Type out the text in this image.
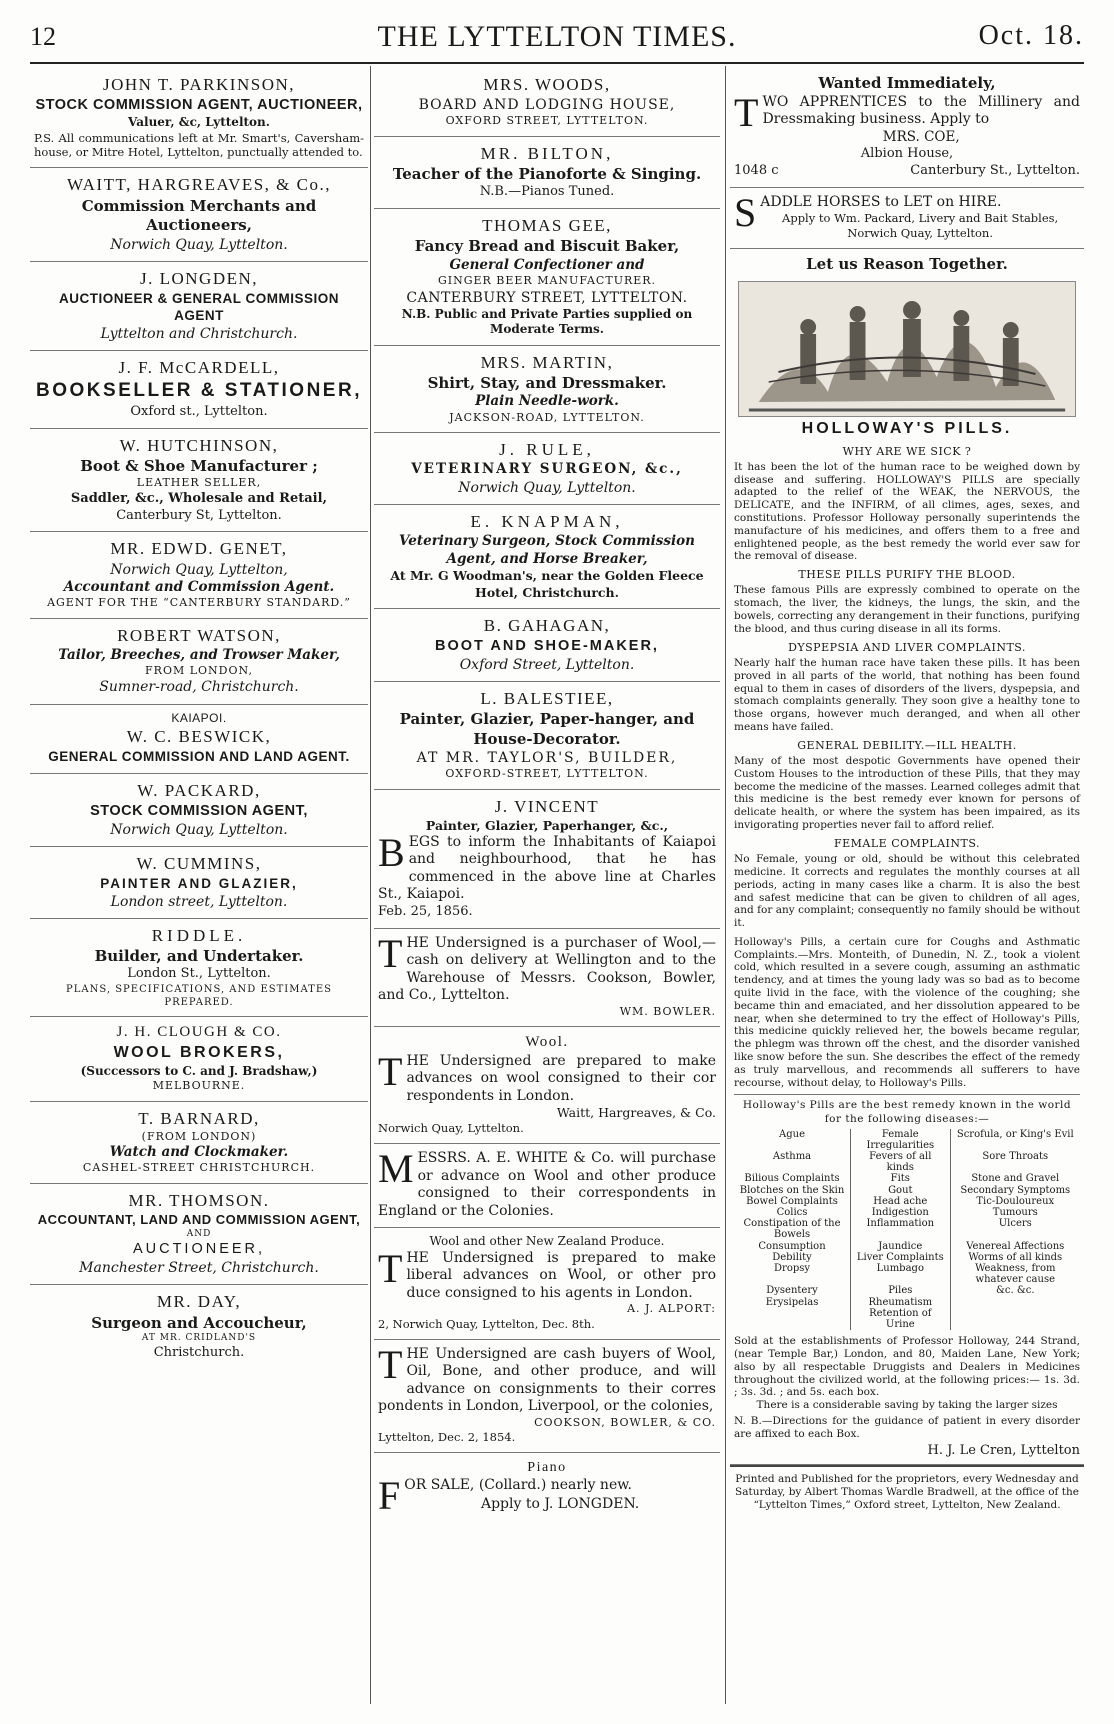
12	THE LYTTELTON TIMES.	Oct. 18.
JOHN T. PARKINSON,
STOCK COMMISSION AGENT, AUCTIONEER,
Valuer, &c, Lyttelton.
P.S. All communications left at Mr. Smart's, Caversham-house, or Mitre Hotel, Lyttelton, punctually attended to.
WAITT, HARGREAVES, & Co.,
Commission Merchants and Auctioneers,
Norwich Quay, Lyttelton.
J. LONGDEN,
AUCTIONEER & GENERAL COMMISSION AGENT
Lyttelton and Christchurch.
J. F. McCARDELL,
BOOKSELLER & STATIONER,
Oxford st., Lyttelton.
W. HUTCHINSON,
Boot & Shoe Manufacturer ;
LEATHER SELLER,
Saddler, &c., Wholesale and Retail,
Canterbury St, Lyttelton.
MR. EDWD. GENET,
Norwich Quay, Lyttelton,
Accountant and Commission Agent.
AGENT FOR THE “CANTERBURY STANDARD.”
ROBERT WATSON,
Tailor, Breeches, and Trowser Maker,
FROM LONDON,
Sumner-road, Christchurch.
KAIAPOI.
W. C. BESWICK,
GENERAL COMMISSION AND LAND AGENT.
W. PACKARD,
STOCK COMMISSION AGENT,
Norwich Quay, Lyttelton.
W. CUMMINS,
PAINTER AND GLAZIER,
London street, Lyttelton.
RIDDLE.
Builder, and Undertaker.
London St., Lyttelton.
PLANS, SPECIFICATIONS, AND ESTIMATES PREPARED.
J. H. CLOUGH & CO.
WOOL BROKERS,
(Successors to C. and J. Bradshaw,)
MELBOURNE.
T. BARNARD,
(FROM LONDON)
Watch and Clockmaker.
CASHEL-STREET CHRISTCHURCH.
MR. THOMSON.
ACCOUNTANT, LAND AND COMMISSION AGENT,
AND
AUCTIONEER,
Manchester Street, Christchurch.
MR. DAY,
Surgeon and Accoucheur,
AT MR. CRIDLAND'S
Christchurch.
MRS. WOODS,
BOARD AND LODGING HOUSE,
OXFORD STREET, LYTTELTON.
MR. BILTON,
Teacher of the Pianoforte & Singing.
N.B.—Pianos Tuned.
THOMAS GEE,
Fancy Bread and Biscuit Baker,
General Confectioner and
GINGER BEER MANUFACTURER.
CANTERBURY STREET, LYTTELTON.
N.B. Public and Private Parties supplied on Moderate Terms.
MRS. MARTIN,
Shirt, Stay, and Dressmaker.
Plain Needle-work.
JACKSON-ROAD, LYTTELTON.
J. RULE,
VETERINARY SURGEON, &c.,
Norwich Quay, Lyttelton.
E. KNAPMAN,
Veterinary Surgeon, Stock Commission Agent, and Horse Breaker,
At Mr. G Woodman's, near the Golden Fleece Hotel, Christchurch.
B. GAHAGAN,
BOOT AND SHOE-MAKER,
Oxford Street, Lyttelton.
L. BALESTIEE,
Painter, Glazier, Paper-hanger, and House-Decorator.
AT MR. TAYLOR'S, BUILDER,
OXFORD-STREET, LYTTELTON.
J. VINCENT
Painter, Glazier, Paperhanger, &c.,
BEGS to inform the Inhabitants of Kaiapoi and neighbourhood, that he has commenced in the above line at Charles St., Kaiapoi.
Feb. 25, 1856.
THE Undersigned is a purchaser of Wool,—cash on delivery at Wellington and to the Warehouse of Messrs. Cookson, Bowler, and Co., Lyttelton.
WM. BOWLER.
Wool.
THE Undersigned are prepared to make advances on wool consigned to their cor respondents in London.
Waitt, Hargreaves, & Co.
Norwich Quay, Lyttelton.
MESSRS. A. E. WHITE & Co. will purchase or advance on Wool and other produce consigned to their correspondents in England or the Colonies.
Wool and other New Zealand Produce.
THE Undersigned is prepared to make liberal advances on Wool, or other pro duce consigned to his agents in London.
A. J. ALPORT:
2, Norwich Quay, Lyttelton, Dec. 8th.
THE Undersigned are cash buyers of Wool, Oil, Bone, and other produce, and will advance on consignments to their corres pondents in London, Liverpool, or the colonies,
COOKSON, BOWLER, & CO.
Lyttelton, Dec. 2, 1854.
Piano
FOR SALE, (Collard.) nearly new.
Apply to J. LONGDEN.
Wanted Immediately,
TWO APPRENTICES to the Millinery and Dressmaking business. Apply to
MRS. COE,
Albion House,
1048 c	Canterbury St., Lyttelton.
SADDLE HORSES to LET on HIRE.
Apply to Wm. Packard, Livery and Bait Stables, Norwich Quay, Lyttelton.
Let us Reason Together.
HOLLOWAY'S PILLS.
WHY ARE WE SICK ?
It has been the lot of the human race to be weighed down by disease and suffering. HOLLOWAY'S PILLS are specially adapted to the relief of the WEAK, the NERVOUS, the DELICATE, and the INFIRM, of all climes, ages, sexes, and constitutions. Professor Holloway personally superintends the manufacture of his medicines, and offers them to a free and enlightened people, as the best remedy the world ever saw for the removal of disease.
THESE PILLS PURIFY THE BLOOD.
These famous Pills are expressly combined to operate on the stomach, the liver, the kidneys, the lungs, the skin, and the bowels, correcting any derangement in their functions, purifying the blood, and thus curing disease in all its forms.
DYSPEPSIA AND LIVER COMPLAINTS.
Nearly half the human race have taken these pills. It has been proved in all parts of the world, that nothing has been found equal to them in cases of disorders of the livers, dyspepsia, and stomach complaints generally. They soon give a healthy tone to those organs, however much deranged, and when all other means have failed.
GENERAL DEBILITY.—ILL HEALTH.
Many of the most despotic Governments have opened their Custom Houses to the introduction of these Pills, that they may become the medicine of the masses. Learned colleges admit that this medicine is the best remedy ever known for persons of delicate health, or where the system has been impaired, as its invigorating properties never fail to afford relief.
FEMALE COMPLAINTS.
No Female, young or old, should be without this celebrated medicine. It corrects and regulates the monthly courses at all periods, acting in many cases like a charm. It is also the best and safest medicine that can be given to children of all ages, and for any complaint; consequently no family should be without it.
Holloway's Pills, a certain cure for Coughs and Asthmatic Complaints.—Mrs. Monteith, of Dunedin, N. Z., took a violent cold, which resulted in a severe cough, assuming an asthmatic tendency, and at times the young lady was so bad as to become quite livid in the face, with the violence of the coughing; she became thin and emaciated, and her dissolution appeared to be near, when she determined to try the effect of Holloway's Pills, this medicine quickly relieved her, the bowels became regular, the phlegm was thrown off the chest, and the disorder vanished like snow before the sun. She describes the effect of the remedy as truly marvellous, and recommends all sufferers to have recourse, without delay, to Holloway's Pills.
Holloway's Pills are the best remedy known in the world for the following diseases:—
Ague	Female Irregularities	Scrofula, or King's Evil
Asthma	Fevers of all kinds	Sore Throats
Bilious Complaints	Fits	Stone and Gravel
Blotches on the Skin	Gout	Secondary Symptoms
Bowel Complaints	Head ache	Tic-Douloureux
Colics	Indigestion	Tumours
Constipation of the Bowels	Inflammation	Ulcers
Consumption	Jaundice	Venereal Affections
Debility	Liver Complaints	Worms of all kinds
Dropsy	Lumbago	Weakness, from whatever cause
Dysentery	Piles	&c. &c.
Erysipelas	Rheumatism	
	Retention of Urine	
Sold at the establishments of Professor Holloway, 244 Strand, (near Temple Bar,) London, and 80, Maiden Lane, New York; also by all respectable Druggists and Dealers in Medicines throughout the civilized world, at the following prices:— 1s. 3d. ; 3s. 3d. ; and 5s. each box.
There is a considerable saving by taking the larger sizes
N. B.—Directions for the guidance of patient in every disorder are affixed to each Box.
H. J. Le Cren, Lyttelton
Printed and Published for the proprietors, every Wednesday and Saturday, by Albert Thomas Wardle Bradwell, at the office of the “Lyttelton Times,” Oxford street, Lyttelton, New Zealand.
